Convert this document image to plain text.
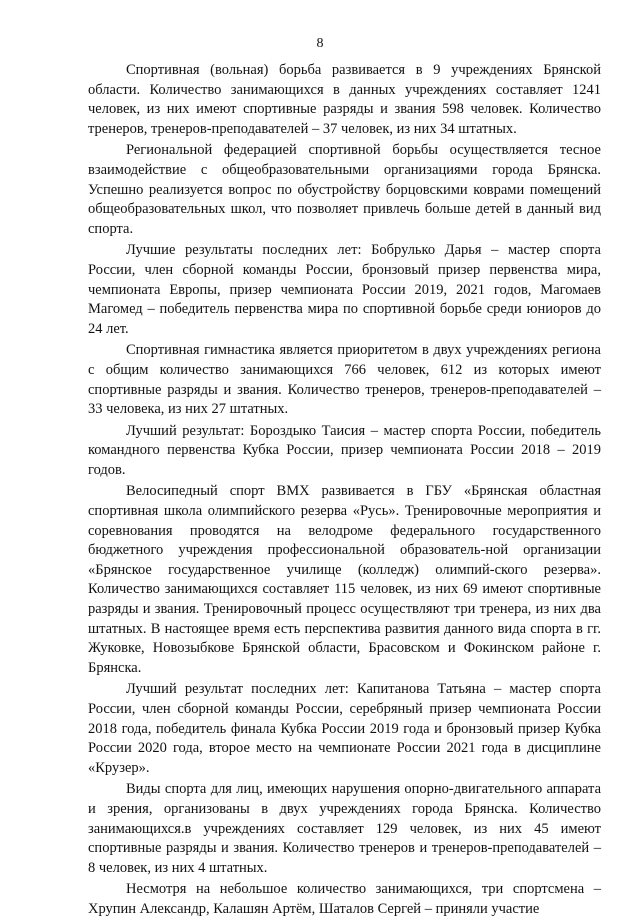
8

Спортивная (вольная) борьба развивается в 9 учреждениях Брянской области. Количество занимающихся в данных учреждениях составляет 1241 человек, из них имеют спортивные разряды и звания 598 человек. Количество тренеров, тренеров-преподавателей – 37 человек, из них 34 штатных.

Региональной федерацией спортивной борьбы осуществляется тесное взаимодействие с общеобразовательными организациями города Брянска. Успешно реализуется вопрос по обустройству борцовскими коврами помещений общеобразовательных школ, что позволяет привлечь больше детей в данный вид спорта.

Лучшие результаты последних лет: Бобрулько Дарья – мастер спорта России, член сборной команды России, бронзовый призер первенства мира, чемпионата Европы, призер чемпионата России 2019, 2021 годов, Магомаев Магомед – победитель первенства мира по спортивной борьбе среди юниоров до 24 лет.

Спортивная гимнастика является приоритетом в двух учреждениях региона с общим количество занимающихся 766 человек, 612 из которых имеют спортивные разряды и звания. Количество тренеров, тренеров-преподавателей – 33 человека, из них 27 штатных.

Лучший результат: Бороздыко Таисия – мастер спорта России, победитель командного первенства Кубка России, призер чемпионата России 2018 – 2019 годов.

Велосипедный спорт BMX развивается в ГБУ «Брянская областная спортивная школа олимпийского резерва «Русь». Тренировочные мероприятия и соревнования проводятся на велодроме федерального государственного бюджетного учреждения профессиональной образователь-ной организации «Брянское государственное училище (колледж) олимпий-ского резерва». Количество занимающихся составляет 115 человек, из них 69 имеют спортивные разряды и звания. Тренировочный процесс осуществляют три тренера, из них два штатных. В настоящее время есть перспектива развития данного вида спорта в гг. Жуковке, Новозыбкове Брянской области, Брасовском и Фокинском районе г. Брянска.

Лучший результат последних лет: Капитанова Татьяна – мастер спорта России, член сборной команды России, серебряный призер чемпионата России 2018 года, победитель финала Кубка России 2019 года и бронзовый призер Кубка России 2020 года, второе место на чемпионате России 2021 года в дисциплине «Крузер».

Виды спорта для лиц, имеющих нарушения опорно-двигательного аппарата и зрения, организованы в двух учреждениях города Брянска. Количество занимающихся.в учреждениях составляет 129 человек, из них 45 имеют спортивные разряды и звания. Количество тренеров и тренеров-преподавателей – 8 человек, из них 4 штатных.

Несмотря на небольшое количество занимающихся, три спортсмена – Хрупин Александр, Калашян Артём, Шаталов Сергей – приняли участие
